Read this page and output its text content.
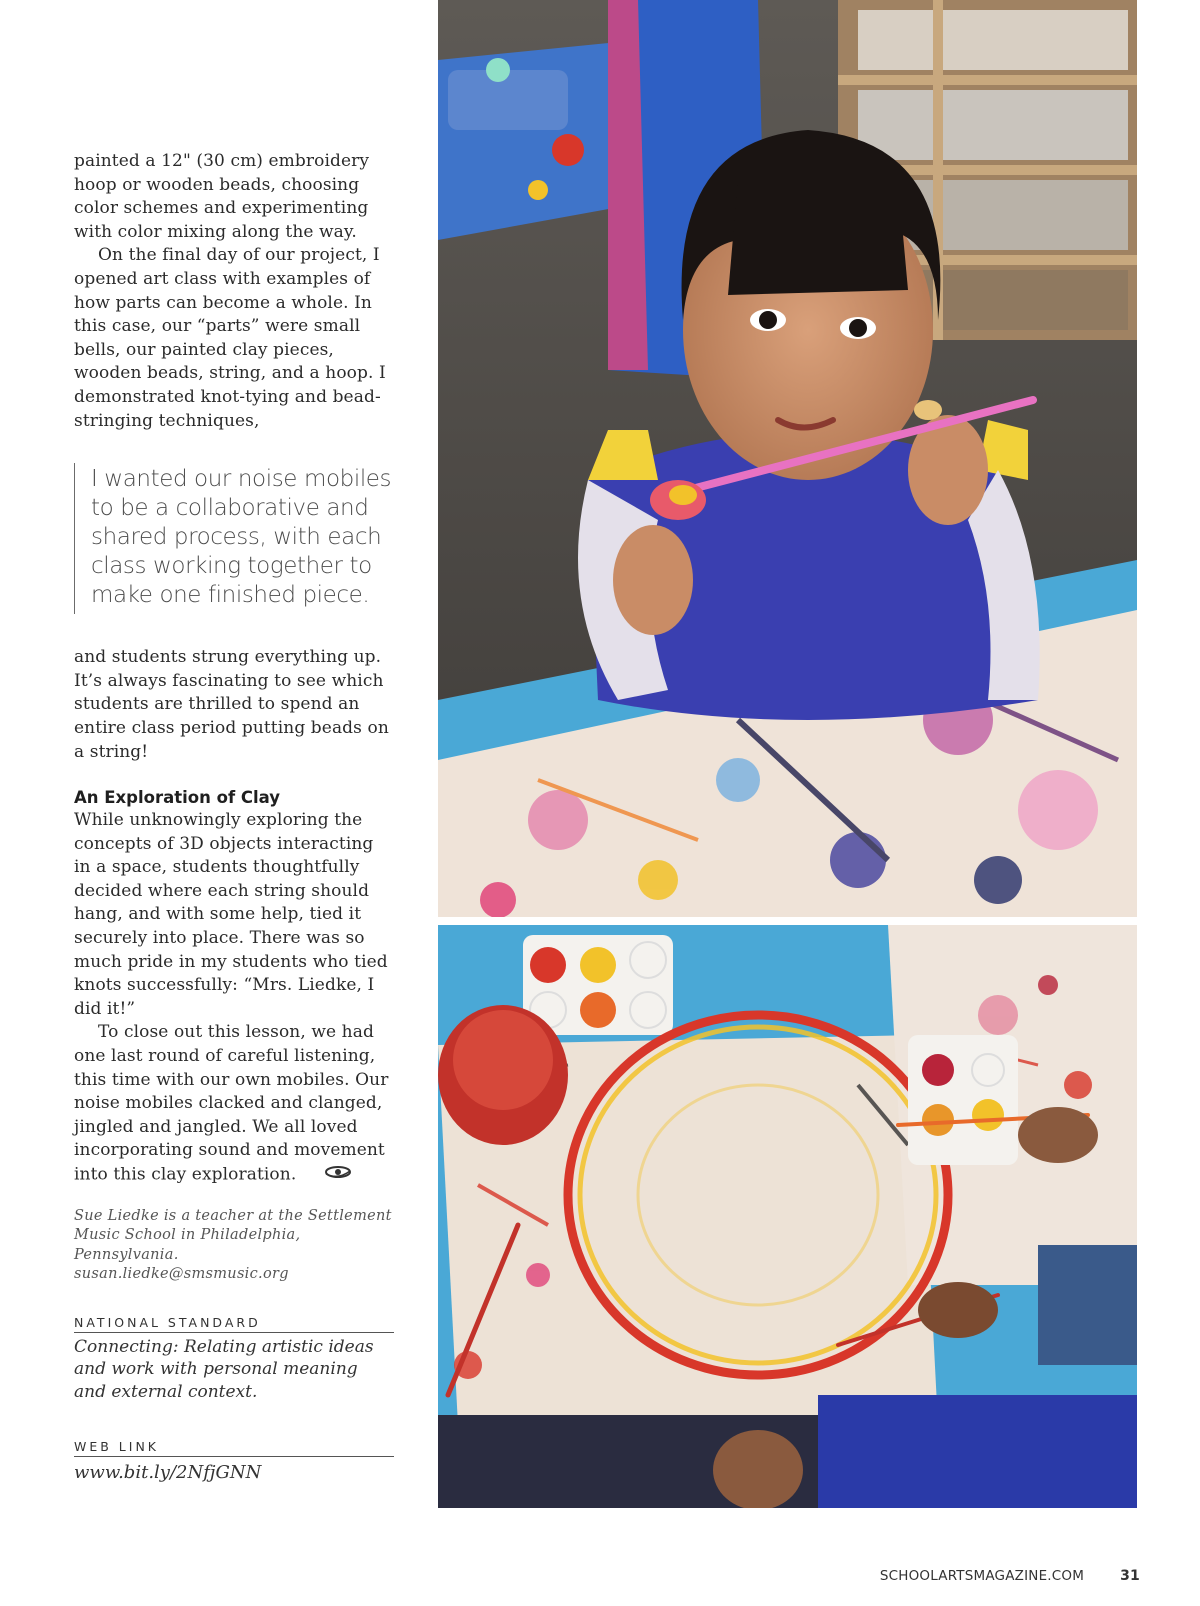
painted a 12" (30 cm) embroidery hoop or wooden beads, choosing color schemes and experimenting with color mixing along the way.

On the final day of our project, I opened art class with examples of how parts can become a whole. In this case, our “parts” were small bells, our painted clay pieces, wooden beads, string, and a hoop. I demonstrated knot-tying and bead-stringing techniques,

I wanted our noise mobiles to be a collaborative and shared process, with each class working together to make one finished piece.

and students strung everything up. It’s always fascinating to see which students are thrilled to spend an entire class period putting beads on a string!

An Exploration of Clay

While unknowingly exploring the concepts of 3D objects interacting in a space, students thoughtfully decided where each string should hang, and with some help, tied it securely into place. There was so much pride in my students who tied knots successfully: “Mrs. Liedke, I did it!”

To close out this lesson, we had one last round of careful listening, this time with our own mobiles. Our noise mobiles clacked and clanged, jingled and jangled. We all loved incorporating sound and movement into this clay exploration.

Sue Liedke is a teacher at the Settlement Music School in Philadelphia, Pennsylvania. susan.liedke@smsmusic.org
NATIONAL STANDARD
Connecting: Relating artistic ideas and work with personal meaning and external context.
WEB LINK
www.bit.ly/2NfjGNN
SCHOOLARTSMAGAZINE.COM	31
